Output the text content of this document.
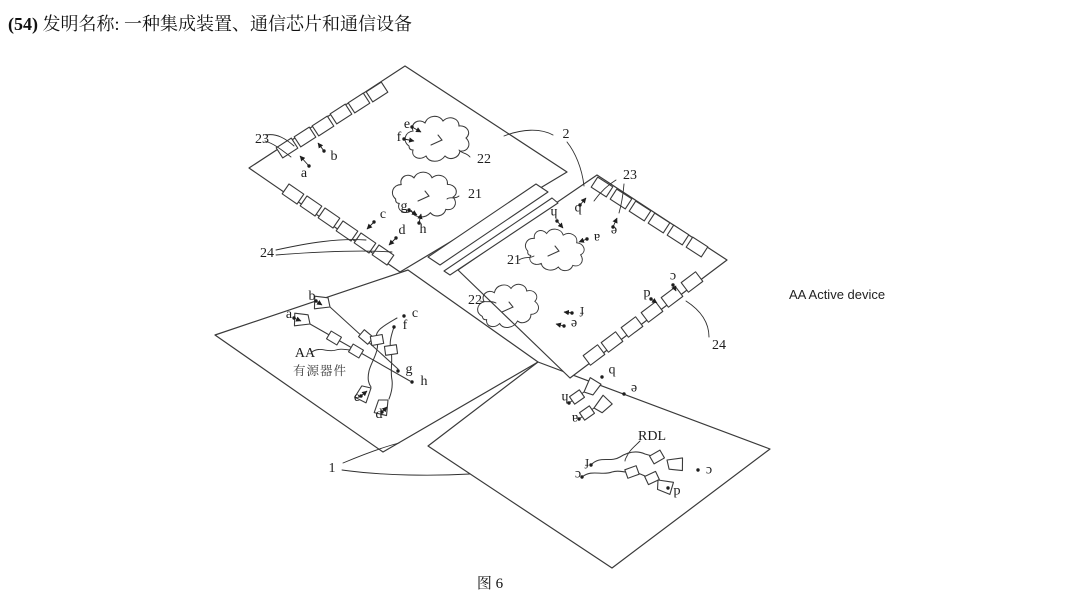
(54) 发明名称: 一种集成装置、通信芯片和通信设备
23
24
2
22
21
23
21
22
24
1
RDL
AA
有源器件
a
b
e
f
g
h
c
d
a
b
c
f
g
h
e
d
h b
a e
f
e
c
d
b
h
a
e
f
c	c
d
AA Active device
图 6
